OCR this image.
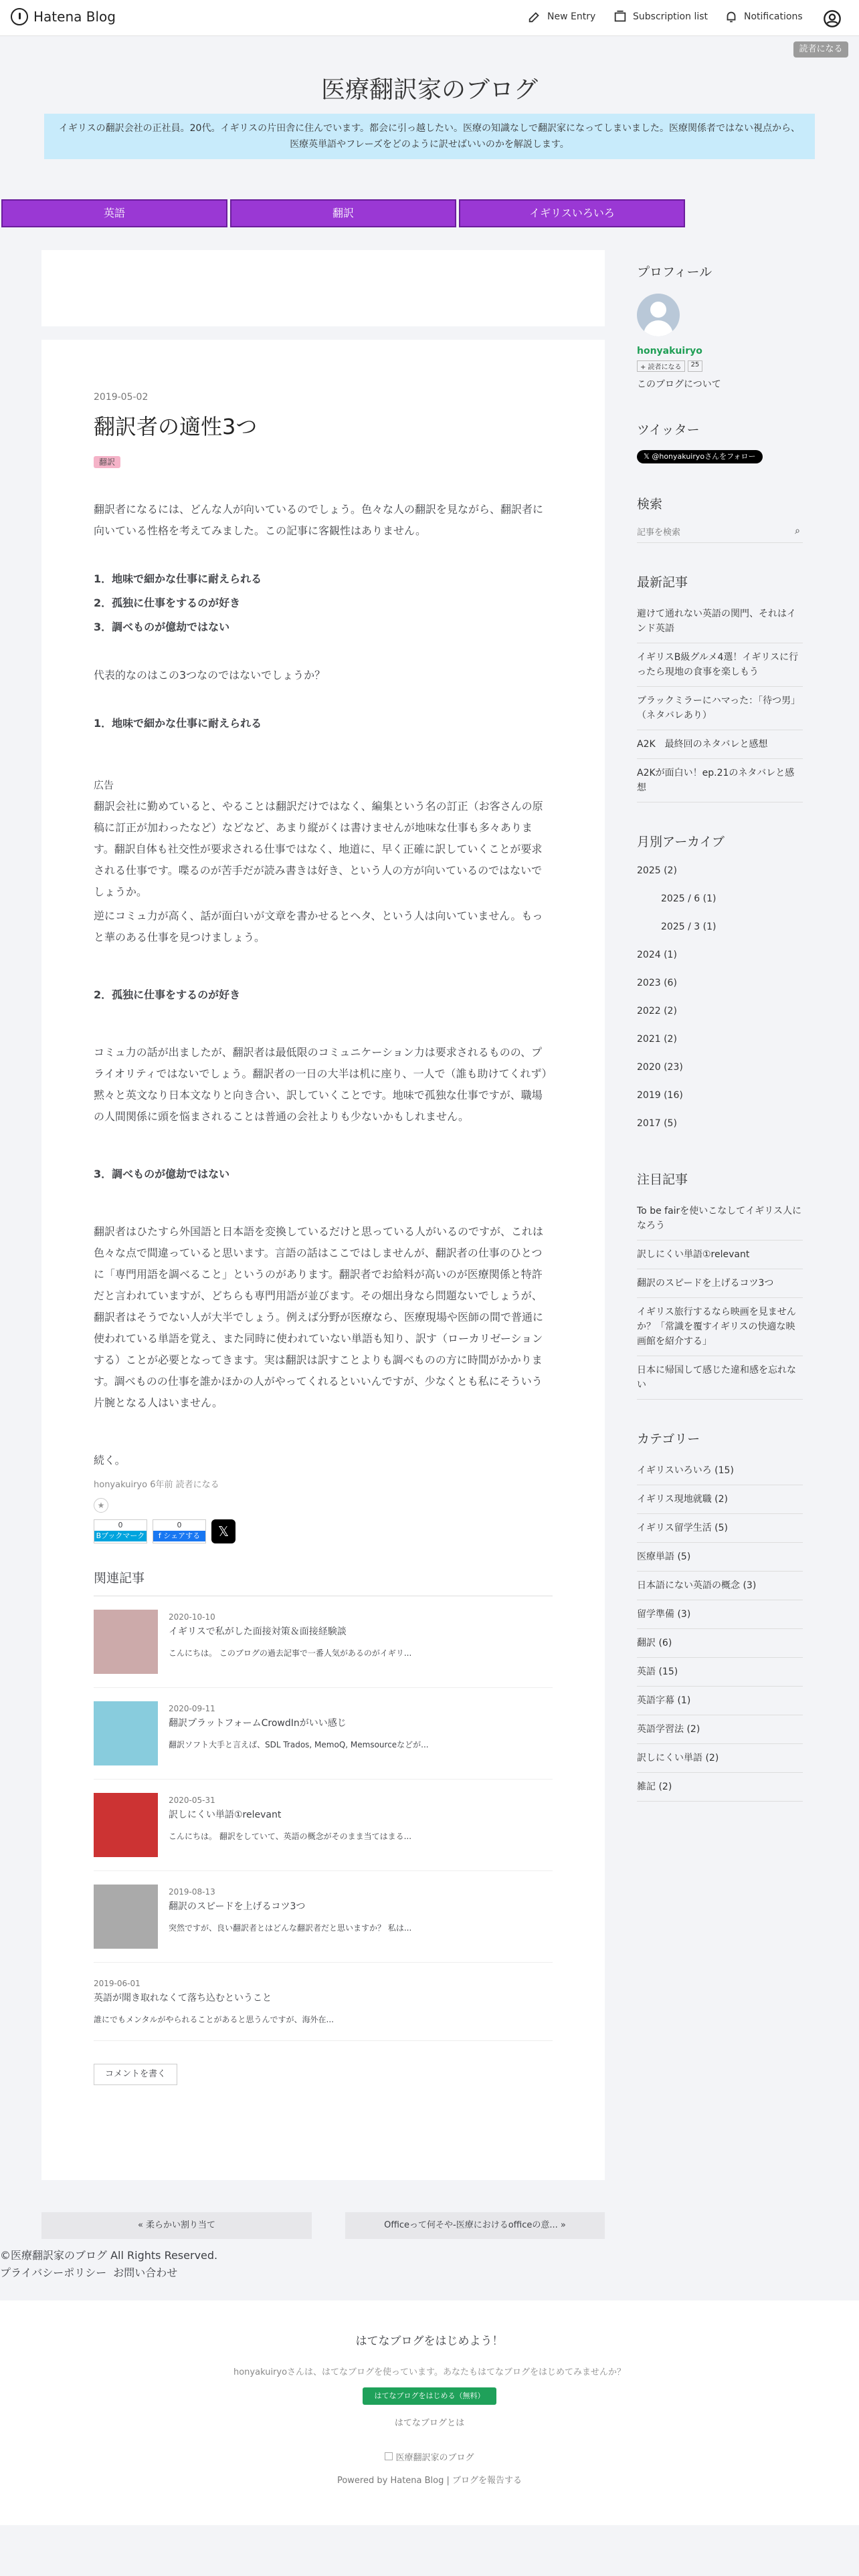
Hatena Blog	New Entry	Subscription list	Notifications
読者になる
医療翻訳家のブログ
イギリスの翻訳会社の正社員。20代。イギリスの片田舎に住んでいます。都会に引っ越したい。医療の知識なしで翻訳家になってしまいました。医療関係者ではない視点から、医療英単語やフレーズをどのように訳せばいいのかを解説します。
英語	翻訳	イギリスいろいろ
2019-05-02
翻訳者の適性3つ
翻訳

翻訳者になるには、どんな人が向いているのでしょう。色々な人の翻訳を見ながら、翻訳者に向いている性格を考えてみました。この記事に客観性はありません。

1．地味で細かな仕事に耐えられる
2．孤独に仕事をするのが好き
3．調べものが億劫ではない

代表的なのはこの3つなのではないでしょうか？

1．地味で細かな仕事に耐えられる
広告

翻訳会社に勤めていると、やることは翻訳だけではなく、編集という名の訂正（お客さんの原稿に訂正が加わったなど）などなど、あまり縦がくは書けませんが地味な仕事も多々あります。翻訳自体も社交性が要求される仕事ではなく、地道に、早く正確に訳していくことが要求される仕事です。喋るのが苦手だが読み書きは好き、という人の方が向いているのではないでしょうか。

逆にコミュ力が高く、話が面白いが文章を書かせるとヘタ、という人は向いていません。もっと華のある仕事を見つけましょう。

2．孤独に仕事をするのが好き

コミュ力の話が出ましたが、翻訳者は最低限のコミュニケーション力は要求されるものの、プライオリティではないでしょう。翻訳者の一日の大半は机に座り、一人で（誰も助けてくれず）黙々と英文なり日本文なりと向き合い、訳していくことです。地味で孤独な仕事ですが、職場の人間関係に頭を悩まされることは普通の会社よりも少ないかもしれません。

3．調べものが億劫ではない

翻訳者はひたすら外国語と日本語を変換しているだけと思っている人がいるのですが、これは色々な点で間違っていると思います。言語の話はここではしませんが、翻訳者の仕事のひとつに「専門用語を調べること」というのがあります。翻訳者でお給料が高いのが医療関係と特許だと言われていますが、どちらも専門用語が並びます。その畑出身なら問題ないでしょうが、翻訳者はそうでない人が大半でしょう。例えば分野が医療なら、医療現場や医師の間で普通に使われている単語を覚え、また同時に使われていない単語も知り、訳す（ローカリゼーションする）ことが必要となってきます。実は翻訳は訳すことよりも調べものの方に時間がかかります。調べものの仕事を誰かほかの人がやってくれるといいんですが、少なくとも私にそういう片腕となる人はいません。

続く。

honyakuiryo 6年前 読者になる
★
0
Bブックマーク
0
f シェアする	𝕏
関連記事
2020-10-10
イギリスで私がした面接対策＆面接経験談
こんにちは。 このブログの過去記事で一番人気があるのがイギリ...
2020-09-11
翻訳プラットフォームCrowdInがいい感じ
翻訳ソフト大手と言えば、SDL Trados, MemoQ, Memsourceなどが...
2020-05-31
訳しにくい単語①relevant
こんにちは。 翻訳をしていて、英語の概念がそのまま当てはまる...
2019-08-13
翻訳のスピードを上げるコツ3つ
突然ですが、良い翻訳者とはどんな翻訳者だと思いますか？ 私は...
2019-06-01
英語が聞き取れなくて落ち込むということ
誰にでもメンタルがやられることがあると思うんですが、海外在...
コメントを書く
プロフィール
honyakuiryo
+ 読者になる	25
このブログについて
ツイッター
𝕏 @honyakuiryoさんをフォロー
検索
記事を検索
⌕
最新記事
避けて通れない英語の関門、それはインド英語
イギリスB級グルメ4選！イギリスに行ったら現地の食事を楽しもう
ブラックミラーにハマった：「待つ男」（ネタバレあり）
A2K　最終回のネタバレと感想
A2Kが面白い！ep.21のネタバレと感想
月別アーカイブ
2025 (2)
2025 / 6 (1)
2025 / 3 (1)
2024 (1)
2023 (6)
2022 (2)
2021 (2)
2020 (23)
2019 (16)
2017 (5)
注目記事
To be fairを使いこなしてイギリス人になろう
訳しにくい単語①relevant
翻訳のスピードを上げるコツ3つ
イギリス旅行するなら映画を見ませんか？「常識を覆すイギリスの快適な映画館を紹介する」
日本に帰国して感じた違和感を忘れない
カテゴリー
イギリスいろいろ (15)
イギリス現地就職 (2)
イギリス留学生活 (5)
医療単語 (5)
日本語にない英語の概念 (3)
留学準備 (3)
翻訳 (6)
英語 (15)
英語字幕 (1)
英語学習法 (2)
訳しにくい単語 (2)
雑記 (2)
« 柔らかい割り当て	Officeって何そや-医療におけるofficeの意... »
©医療翻訳家のブログ All Rights Reserved.
プライバシーポリシー お問い合わせ
はてなブログをはじめよう！
honyakuiryoさんは、はてなブログを使っています。あなたもはてなブログをはじめてみませんか？
はてなブログをはじめる（無料）
はてなブログとは
医療翻訳家のブログ
Powered by Hatena Blog | ブログを報告する
